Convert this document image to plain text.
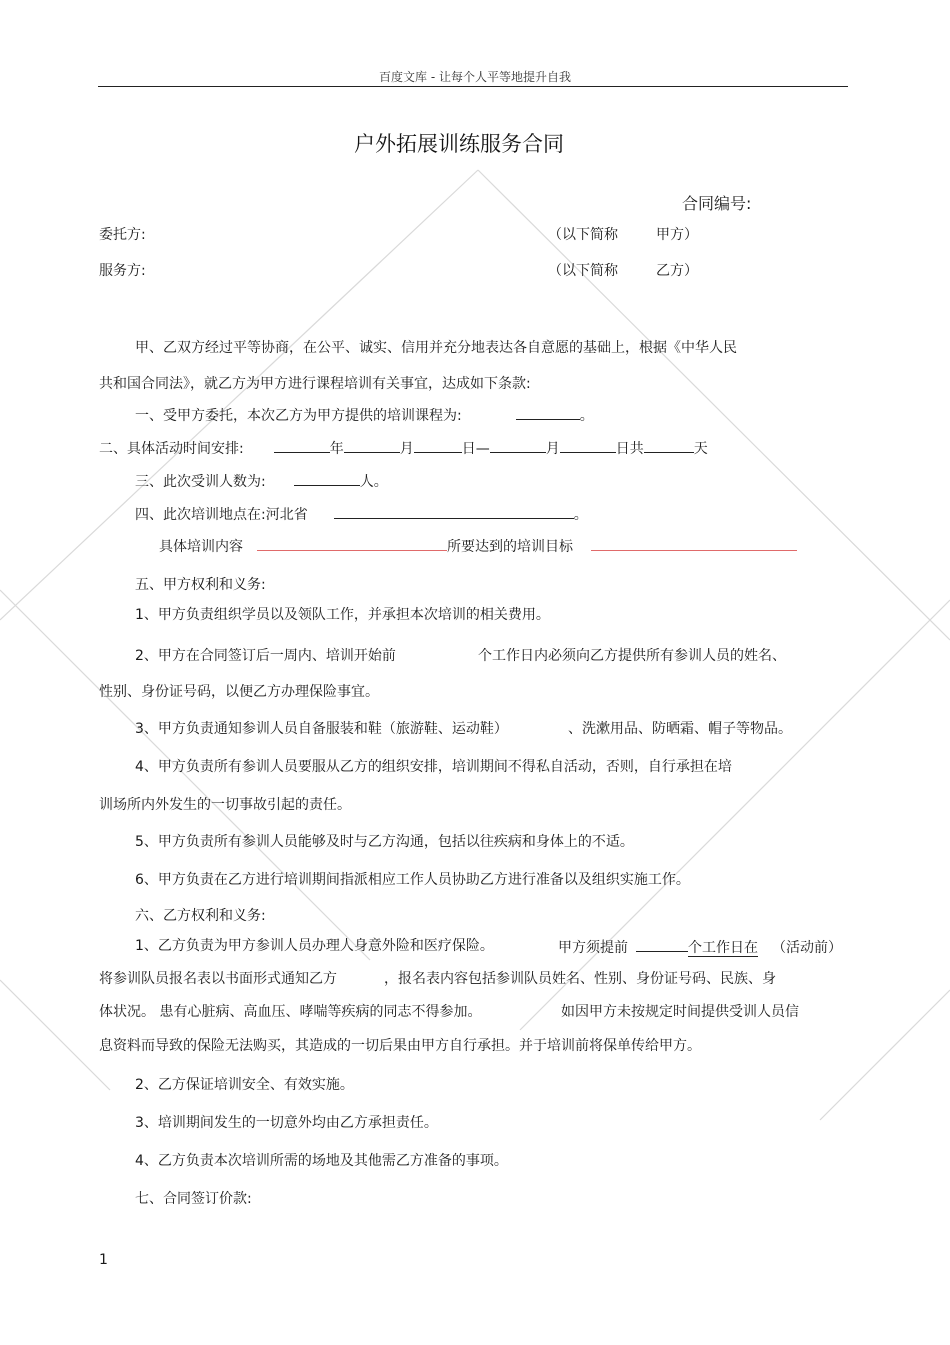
百度文库 - 让每个人平等地提升自我
户外拓展训练服务合同
合同编号:
委托方:	（以下简称	甲方）
服务方:	（以下简称	乙方）
甲、乙双方经过平等协商，在公平、诚实、信用并充分地表达各自意愿的基础上，根据《中华人民
共和国合同法》，就乙方为甲方进行课程培训有关事宜，达成如下条款:
一、受甲方委托，本次乙方为甲方提供的培训课程为:	。
二、具体活动时间安排:	年	月	日—	月	日共	天
三、此次受训人数为:	人。
四、此次培训地点在:河北省	。
具体培训内容	所要达到的培训目标
五、甲方权利和义务:
1、甲方负责组织学员以及领队工作，并承担本次培训的相关费用。
2、甲方在合同签订后一周内、培训开始前	个工作日内必须向乙方提供所有参训人员的姓名、
性别、身份证号码，以便乙方办理保险事宜。
3、甲方负责通知参训人员自备服装和鞋（旅游鞋、运动鞋）	、洗漱用品、防晒霜、帽子等物品。
4、甲方负责所有参训人员要服从乙方的组织安排，培训期间不得私自活动，否则，自行承担在培
训场所内外发生的一切事故引起的责任。
5、甲方负责所有参训人员能够及时与乙方沟通，包括以往疾病和身体上的不适。
6、甲方负责在乙方进行培训期间指派相应工作人员协助乙方进行准备以及组织实施工作。
六、乙方权利和义务:
1、乙方负责为甲方参训人员办理人身意外险和医疗保险。	甲方须提前	个工作日在 （活动前）
将参训队员报名表以书面形式通知乙方	，报名表内容包括参训队员姓名、性别、身份证号码、民族、身
体状况。 患有心脏病、高血压、哮喘等疾病的同志不得参加。	如因甲方未按规定时间提供受训人员信
息资料而导致的保险无法购买，其造成的一切后果由甲方自行承担。并于培训前将保单传给甲方。
2、乙方保证培训安全、有效实施。
3、培训期间发生的一切意外均由乙方承担责任。
4、乙方负责本次培训所需的场地及其他需乙方准备的事项。
七、合同签订价款:
1
